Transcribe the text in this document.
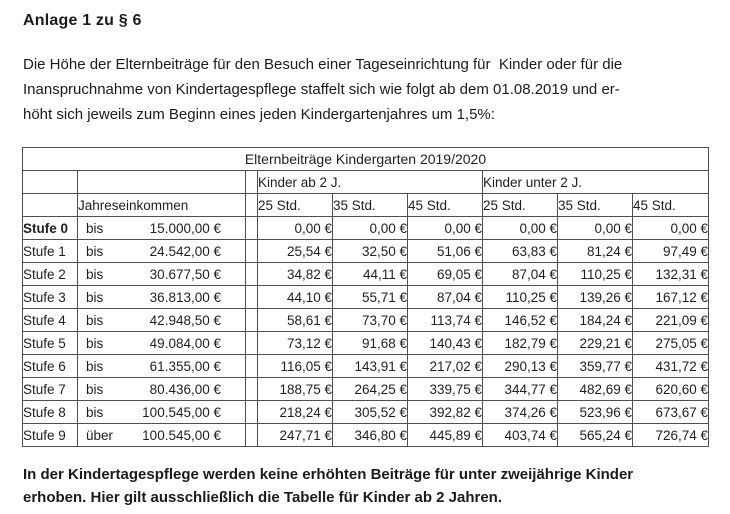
Anlage 1 zu § 6
Die Höhe der Elternbeiträge für den Besuch einer Tageseinrichtung für  Kinder oder für die
Inanspruchnahme von Kindertagespflege staffelt sich wie folgt ab dem 01.08.2019 und er-
höht sich jeweils zum Beginn eines jeden Kindergartenjahres um 1,5%:
Elternbeiträge Kindergarten 2019/2020								
			Kinder ab 2 J.			Kinder unter 2 J.		
	Jahreseinkommen		25 Std.	35 Std.	45 Std.	25 Std.	35 Std.	45 Std.
Stufe 0	bis 15.000,00 €		0,00 €	0,00 €	0,00 €	0,00 €	0,00 €	0,00 €
Stufe 1	bis 24.542,00 €		25,54 €	32,50 €	51,06 €	63,83 €	81,24 €	97,49 €
Stufe 2	bis 30.677,50 €		34,82 €	44,11 €	69,05 €	87,04 €	110,25 €	132,31 €
Stufe 3	bis 36.813,00 €		44,10 €	55,71 €	87,04 €	110,25 €	139,26 €	167,12 €
Stufe 4	bis 42.948,50 €		58,61 €	73,70 €	113,74 €	146,52 €	184,24 €	221,09 €
Stufe 5	bis 49.084,00 €		73,12 €	91,68 €	140,43 €	182,79 €	229,21 €	275,05 €
Stufe 6	bis 61.355,00 €		116,05 €	143,91 €	217,02 €	290,13 €	359,77 €	431,72 €
Stufe 7	bis 80.436,00 €		188,75 €	264,25 €	339,75 €	344,77 €	482,69 €	620,60 €
Stufe 8	bis 100.545,00 €		218,24 €	305,52 €	392,82 €	374,26 €	523,96 €	673,67 €
Stufe 9	über 100.545,00 €		247,71 €	346,80 €	445,89 €	403,74 €	565,24 €	726,74 €
In der Kindertagespflege werden keine erhöhten Beiträge für unter zweijährige Kinder
erhoben. Hier gilt ausschließlich die Tabelle für Kinder ab 2 Jahren.
